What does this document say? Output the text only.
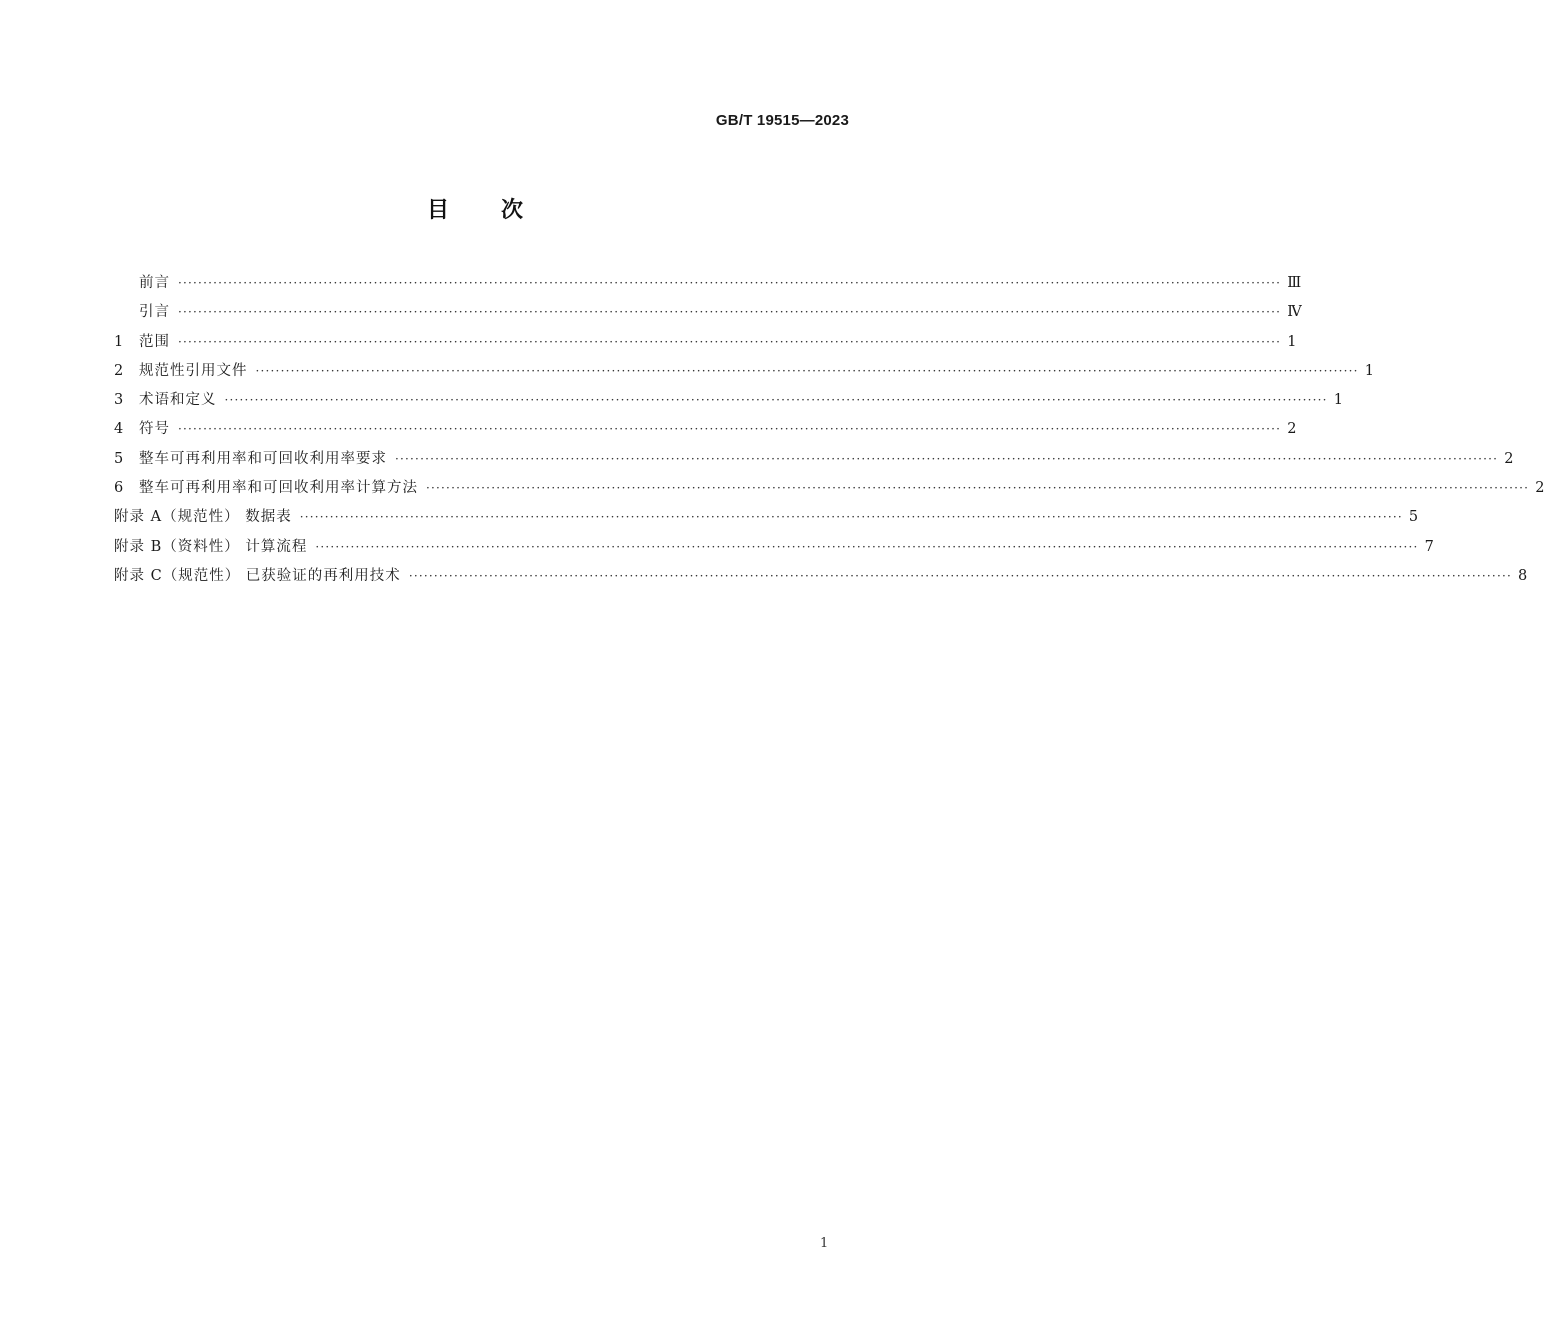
GB/T 19515—2023
目次
前言 ···························································································································································································································· Ⅲ
引言 ···························································································································································································································· Ⅳ
1	范围 ···························································································································································································································· 1
2	规范性引用文件 ···························································································································································································································· 1
3	术语和定义 ···························································································································································································································· 1
4	符号 ···························································································································································································································· 2
5	整车可再利用率和可回收利用率要求 ···························································································································································································································· 2
6	整车可再利用率和可回收利用率计算方法 ···························································································································································································································· 2
附录 A（规范性） 数据表 ···························································································································································································································· 5
附录 B（资料性） 计算流程 ···························································································································································································································· 7
附录 C（规范性） 已获验证的再利用技术 ···························································································································································································································· 8
1
